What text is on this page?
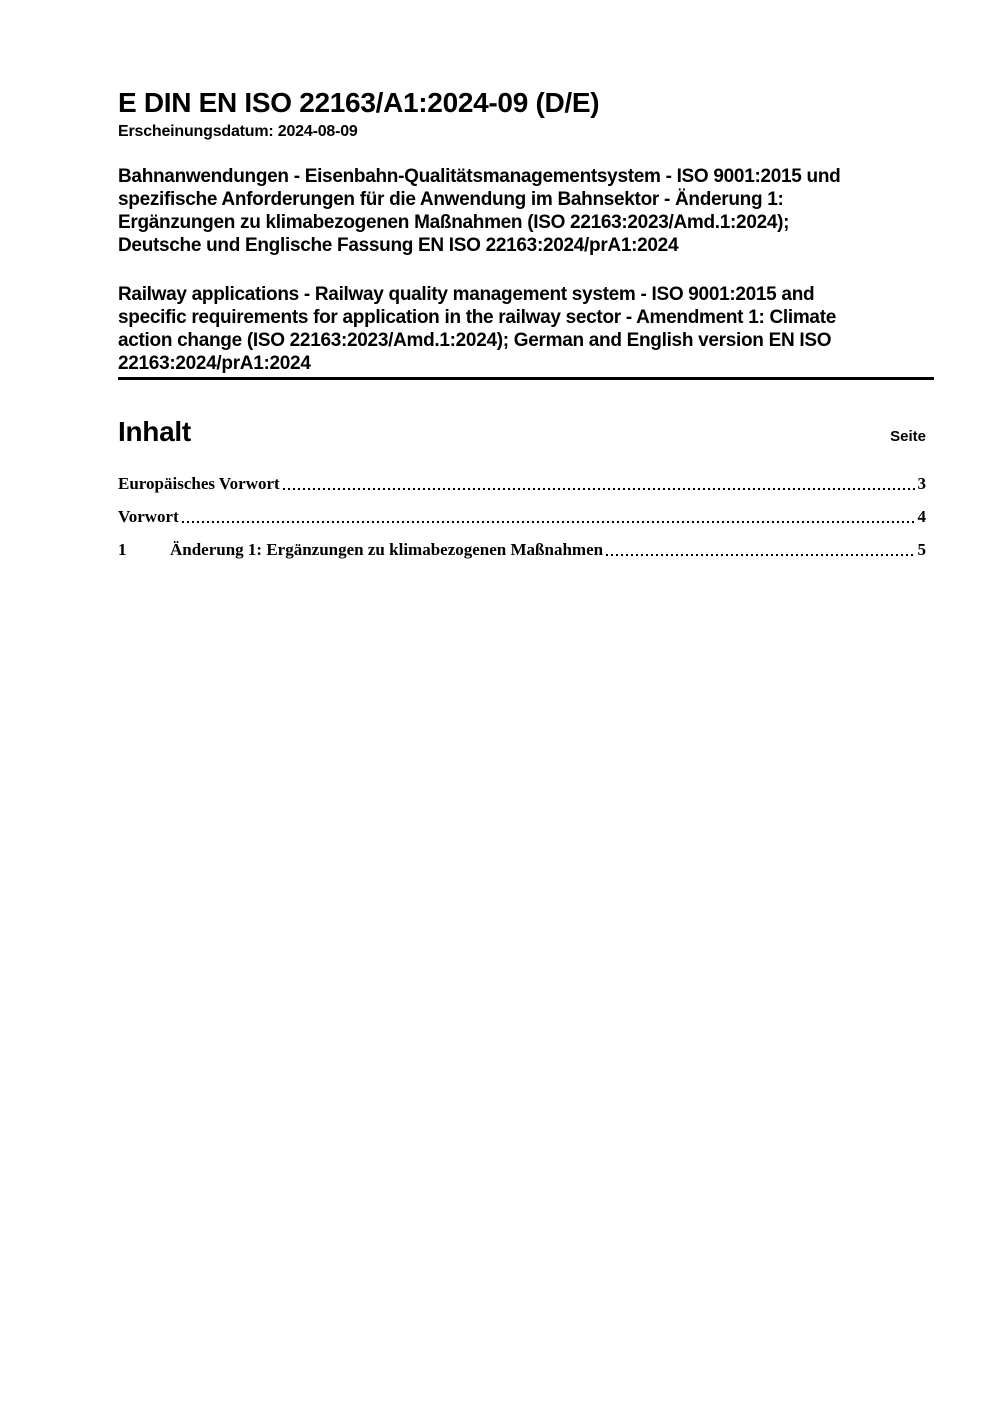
E DIN EN ISO 22163/A1:2024-09 (D/E)
Erscheinungsdatum: 2024-08-09
Bahnanwendungen - Eisenbahn-Qualitätsmanagementsystem - ISO 9001:2015 und
spezifische Anforderungen für die Anwendung im Bahnsektor - Änderung 1:
Ergänzungen zu klimabezogenen Maßnahmen (ISO 22163:2023/Amd.1:2024);
Deutsche und Englische Fassung EN ISO 22163:2024/prA1:2024
Railway applications - Railway quality management system - ISO 9001:2015 and
specific requirements for application in the railway sector - Amendment 1: Climate
action change (ISO 22163:2023/Amd.1:2024); German and English version EN ISO
22163:2024/prA1:2024
Inhalt	Seite
Europäisches Vorwort	3
Vorwort	4
1	Änderung 1: Ergänzungen zu klimabezogenen Maßnahmen	5
